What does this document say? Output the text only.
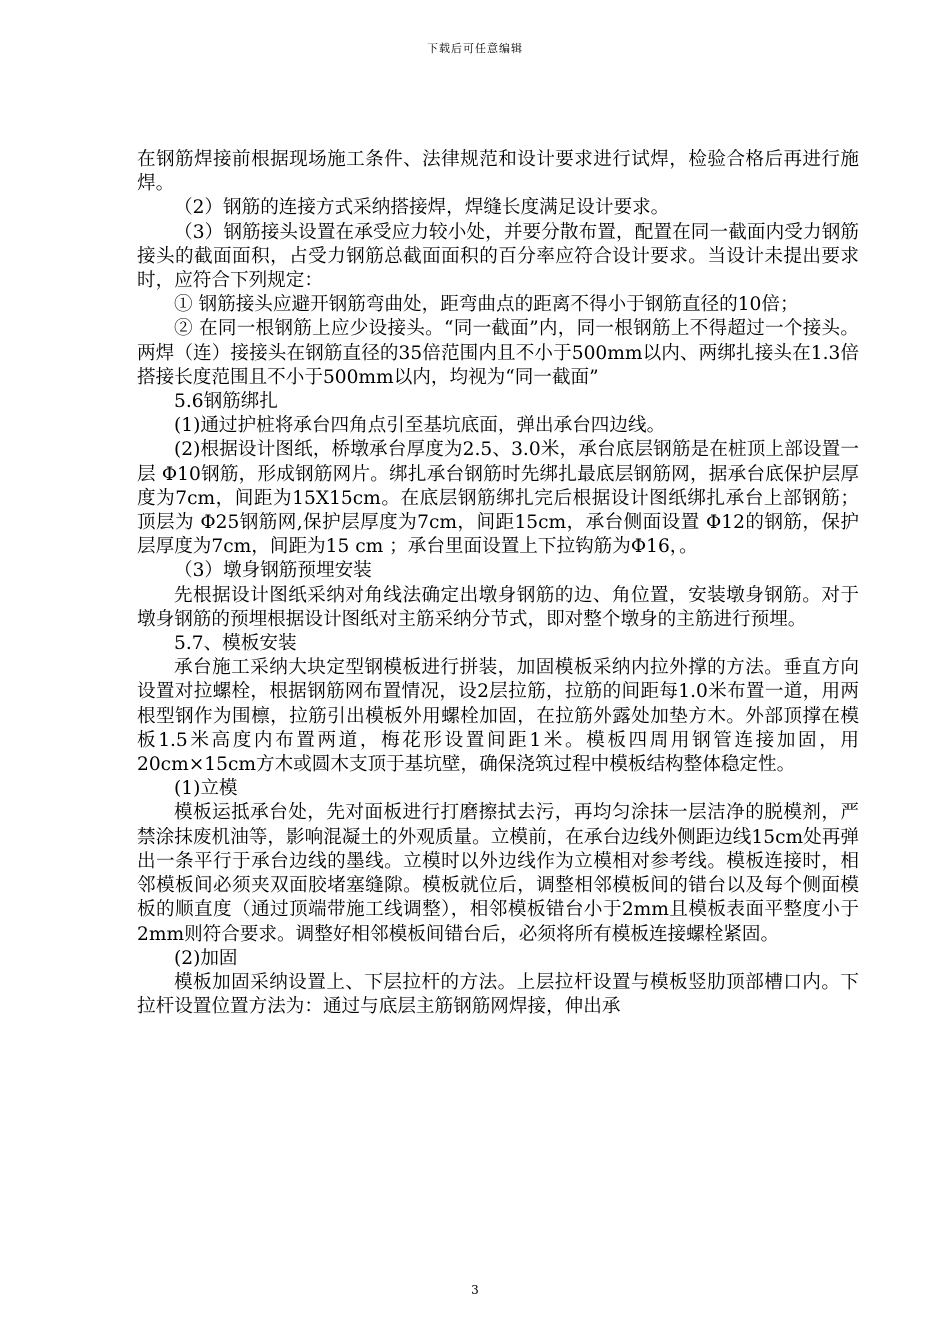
下载后可任意编辑

在钢筋焊接前根据现场施工条件、法律规范和设计要求进行试焊，检验合格后再进行施焊。

（2）钢筋的连接方式采纳搭接焊，焊缝长度满足设计要求。

（3）钢筋接头设置在承受应力较小处，并要分散布置，配置在同一截面内受力钢筋接头的截面面积，占受力钢筋总截面面积的百分率应符合设计要求。当设计未提出要求时，应符合下列规定：

① 钢筋接头应避开钢筋弯曲处，距弯曲点的距离不得小于钢筋直径的10倍；

② 在同一根钢筋上应少设接头。“同一截面”内，同一根钢筋上不得超过一个接头。两焊（连）接接头在钢筋直径的35倍范围内且不小于500mm以内、两绑扎接头在1.3倍搭接长度范围且不小于500mm以内，均视为“同一截面”

5.6钢筋绑扎

(1)通过护桩将承台四角点引至基坑底面，弹出承台四边线。

(2)根据设计图纸，桥墩承台厚度为2.5、3.0米，承台底层钢筋是在桩顶上部设置一层 Φ10钢筋，形成钢筋网片。绑扎承台钢筋时先绑扎最底层钢筋网，据承台底保护层厚度为7cm，间距为15X15cm。在底层钢筋绑扎完后根据设计图纸绑扎承台上部钢筋；顶层为 Φ25钢筋网,保护层厚度为7cm，间距15cm，承台侧面设置 Φ12的钢筋，保护层厚度为7cm，间距为15 cm ；承台里面设置上下拉钩筋为Φ16，。

（3）墩身钢筋预埋安装

先根据设计图纸采纳对角线法确定出墩身钢筋的边、角位置，安装墩身钢筋。对于墩身钢筋的预埋根据设计图纸对主筋采纳分节式，即对整个墩身的主筋进行预埋。

5.7、模板安装

承台施工采纳大块定型钢模板进行拼装，加固模板采纳内拉外撑的方法。垂直方向设置对拉螺栓，根据钢筋网布置情况，设2层拉筋，拉筋的间距每1.0米布置一道，用两根型钢作为围檩，拉筋引出模板外用螺栓加固，在拉筋外露处加垫方木。外部顶撑在模板1.5米高度内布置两道，梅花形设置间距1米。模板四周用钢管连接加固，用20cm×15cm方木或圆木支顶于基坑壁，确保浇筑过程中模板结构整体稳定性。

(1)立模

模板运抵承台处，先对面板进行打磨擦拭去污，再均匀涂抹一层洁净的脱模剂，严禁涂抹废机油等，影响混凝土的外观质量。立模前，在承台边线外侧距边线15cm处再弹出一条平行于承台边线的墨线。立模时以外边线作为立模相对参考线。模板连接时，相邻模板间必须夹双面胶堵塞缝隙。模板就位后，调整相邻模板间的错台以及每个侧面模板的顺直度（通过顶端带施工线调整），相邻模板错台小于2mm且模板表面平整度小于2mm则符合要求。调整好相邻模板间错台后，必须将所有模板连接螺栓紧固。

(2)加固

模板加固采纳设置上、下层拉杆的方法。上层拉杆设置与模板竖肋顶部槽口内。下拉杆设置位置方法为：通过与底层主筋钢筋网焊接，伸出承

3
